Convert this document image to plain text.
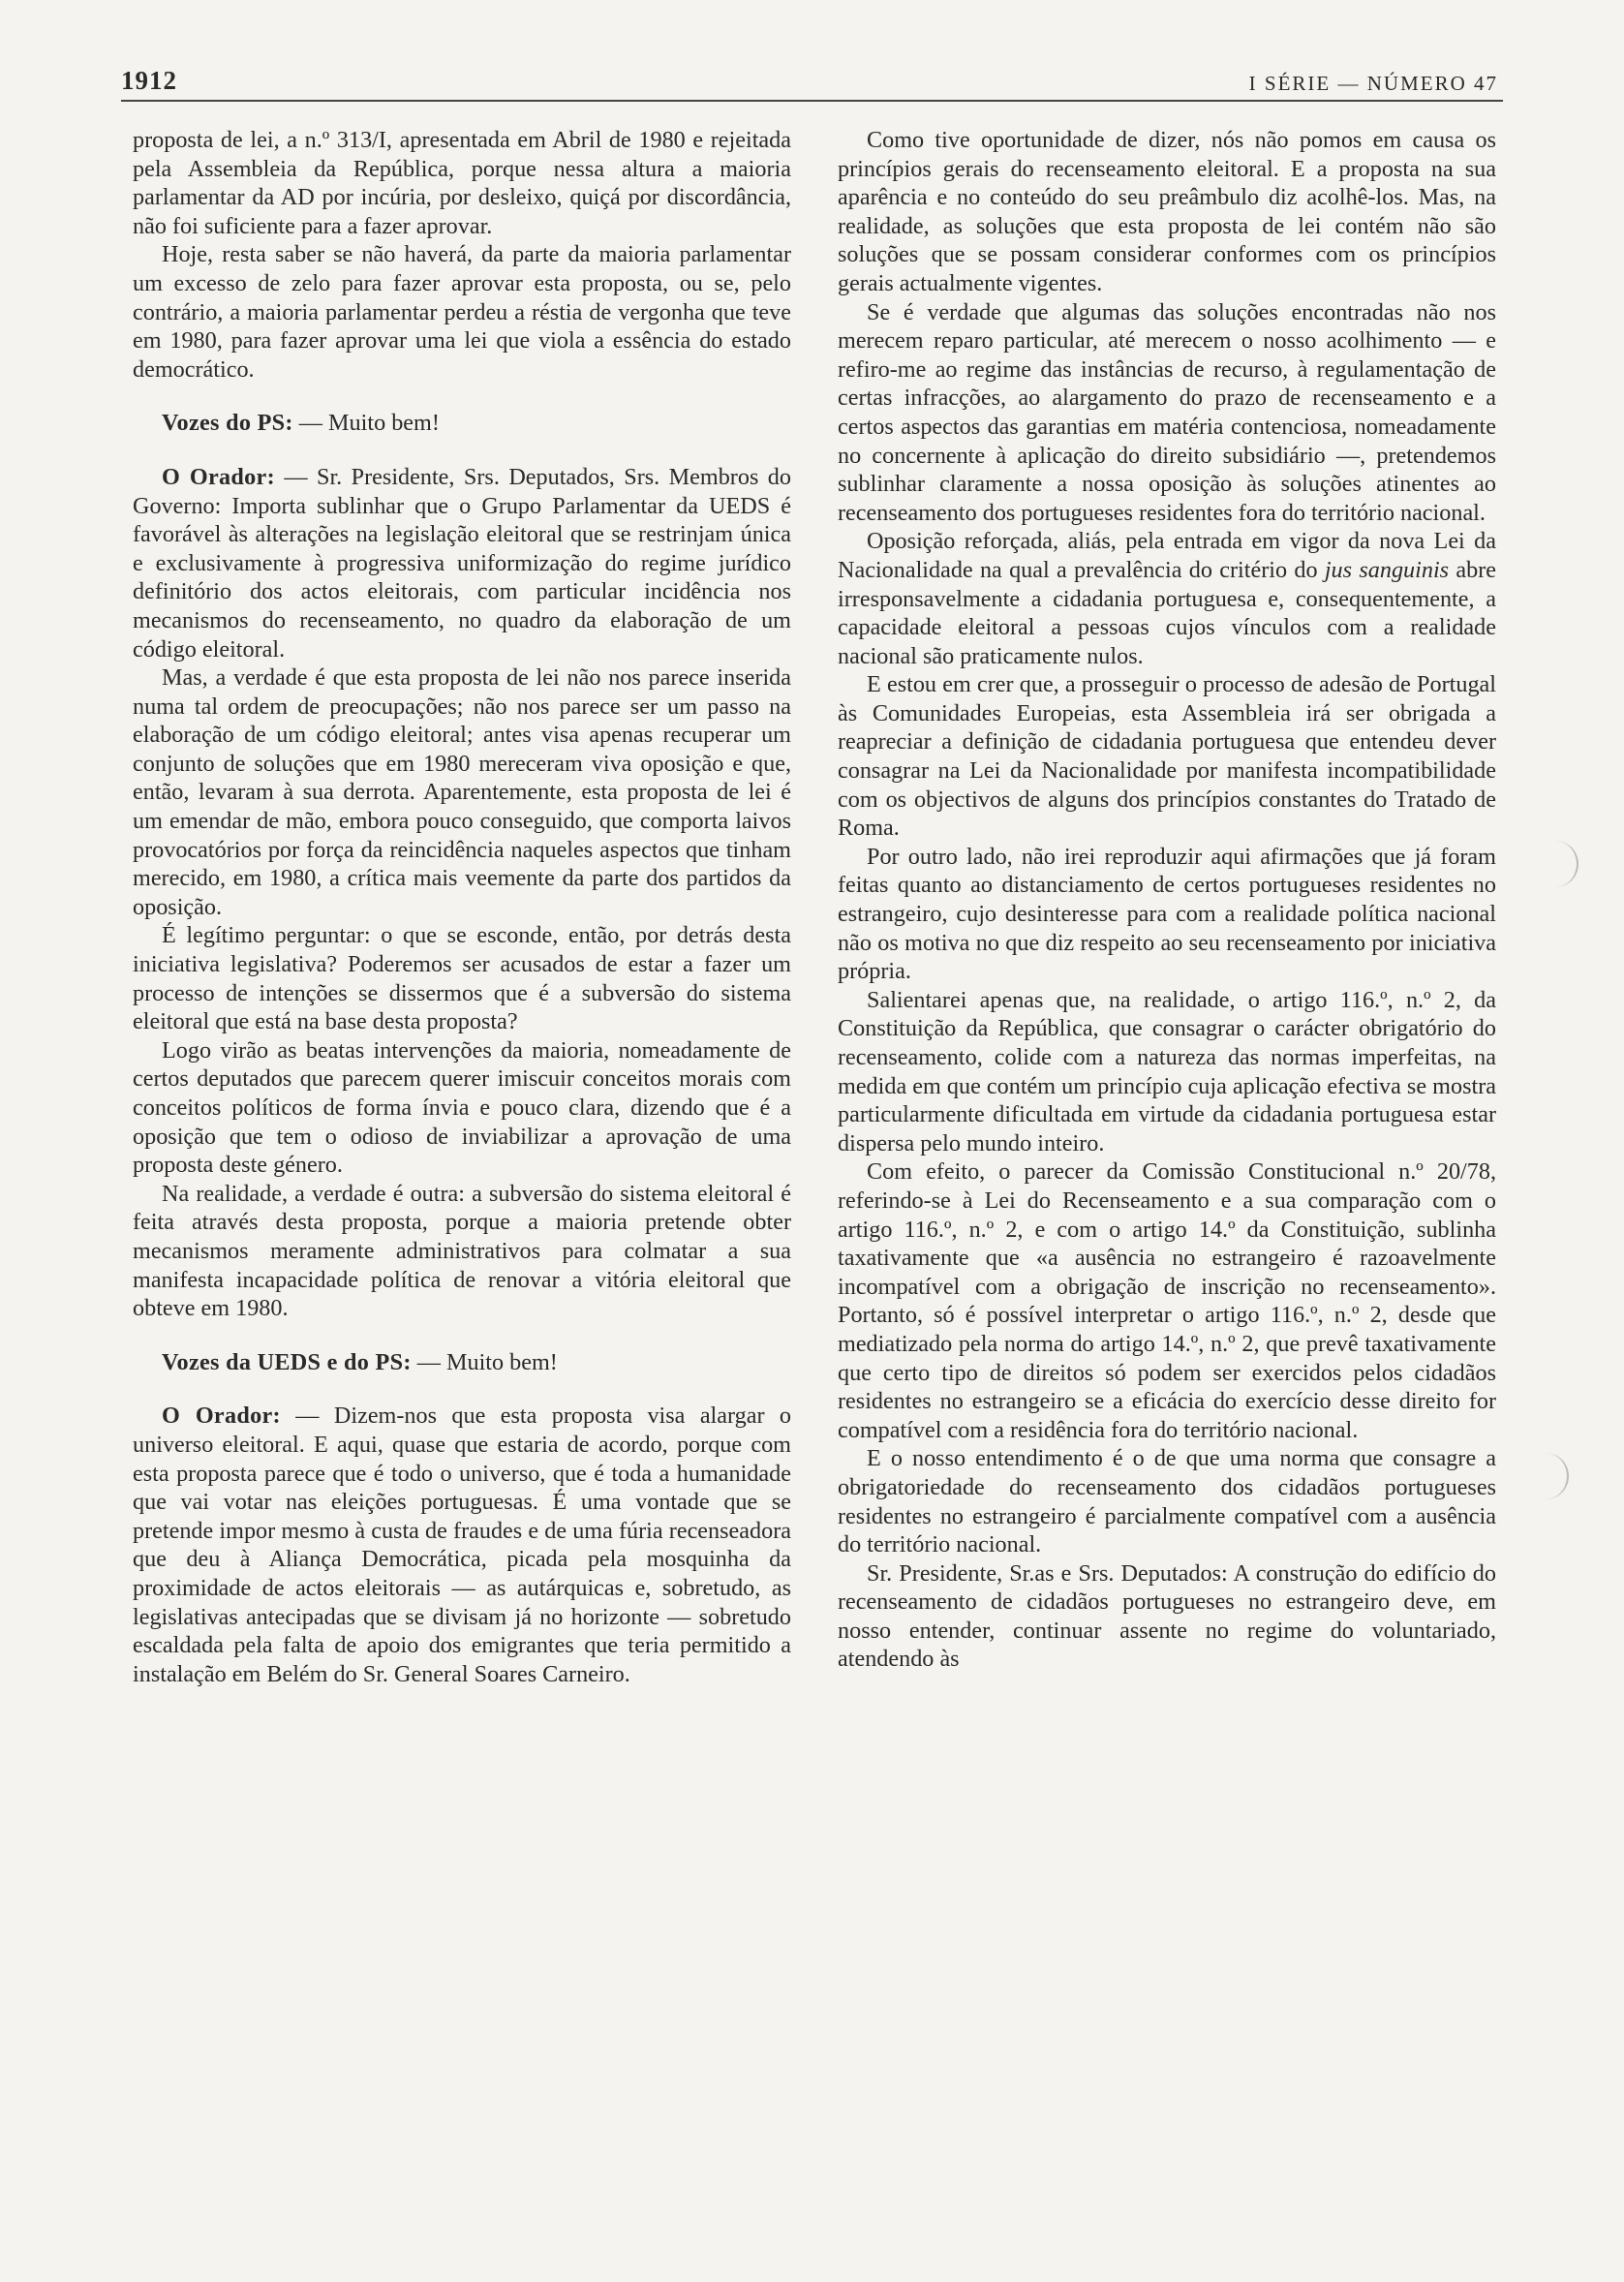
1912	I SÉRIE — NÚMERO 47

proposta de lei, a n.º 313/I, apresentada em Abril de 1980 e rejeitada pela Assembleia da República, porque nessa altura a maioria parlamentar da AD por incúria, por desleixo, quiçá por discordância, não foi suficiente para a fazer aprovar.

Hoje, resta saber se não haverá, da parte da maioria parlamentar um excesso de zelo para fazer aprovar esta proposta, ou se, pelo contrário, a maioria parlamentar perdeu a réstia de vergonha que teve em 1980, para fazer aprovar uma lei que viola a essência do estado democrático.

Vozes do PS: — Muito bem!

O Orador: — Sr. Presidente, Srs. Deputados, Srs. Membros do Governo: Importa sublinhar que o Grupo Parlamentar da UEDS é favorável às alterações na legislação eleitoral que se restrinjam única e exclusivamente à progressiva uniformização do regime jurídico definitório dos actos eleitorais, com particular incidência nos mecanismos do recenseamento, no quadro da elaboração de um código eleitoral.

Mas, a verdade é que esta proposta de lei não nos parece inserida numa tal ordem de preocupações; não nos parece ser um passo na elaboração de um código eleitoral; antes visa apenas recuperar um conjunto de soluções que em 1980 mereceram viva oposição e que, então, levaram à sua derrota. Aparentemente, esta proposta de lei é um emendar de mão, embora pouco conseguido, que comporta laivos provocatórios por força da reincidência naqueles aspectos que tinham merecido, em 1980, a crítica mais veemente da parte dos partidos da oposição.

É legítimo perguntar: o que se esconde, então, por detrás desta iniciativa legislativa? Poderemos ser acusados de estar a fazer um processo de intenções se dissermos que é a subversão do sistema eleitoral que está na base desta proposta?

Logo virão as beatas intervenções da maioria, nomeadamente de certos deputados que parecem querer imiscuir conceitos morais com conceitos políticos de forma ínvia e pouco clara, dizendo que é a oposição que tem o odioso de inviabilizar a aprovação de uma proposta deste género.

Na realidade, a verdade é outra: a subversão do sistema eleitoral é feita através desta proposta, porque a maioria pretende obter mecanismos meramente administrativos para colmatar a sua manifesta incapacidade política de renovar a vitória eleitoral que obteve em 1980.

Vozes da UEDS e do PS: — Muito bem!

O Orador: — Dizem-nos que esta proposta visa alargar o universo eleitoral. E aqui, quase que estaria de acordo, porque com esta proposta parece que é todo o universo, que é toda a humanidade que vai votar nas eleições portuguesas. É uma vontade que se pretende impor mesmo à custa de fraudes e de uma fúria recenseadora que deu à Aliança Democrática, picada pela mosquinha da proximidade de actos eleitorais — as autárquicas e, sobretudo, as legislativas antecipadas que se divisam já no horizonte — sobretudo escaldada pela falta de apoio dos emigrantes que teria permitido a instalação em Belém do Sr. General Soares Carneiro.

Como tive oportunidade de dizer, nós não pomos em causa os princípios gerais do recenseamento eleitoral. E a proposta na sua aparência e no conteúdo do seu preâmbulo diz acolhê-los. Mas, na realidade, as soluções que esta proposta de lei contém não são soluções que se possam considerar conformes com os princípios gerais actualmente vigentes.

Se é verdade que algumas das soluções encontradas não nos merecem reparo particular, até merecem o nosso acolhimento — e refiro-me ao regime das instâncias de recurso, à regulamentação de certas infracções, ao alargamento do prazo de recenseamento e a certos aspectos das garantias em matéria contenciosa, nomeadamente no concernente à aplicação do direito subsidiário —, pretendemos sublinhar claramente a nossa oposição às soluções atinentes ao recenseamento dos portugueses residentes fora do território nacional.

Oposição reforçada, aliás, pela entrada em vigor da nova Lei da Nacionalidade na qual a prevalência do critério do jus sanguinis abre irresponsavelmente a cidadania portuguesa e, consequentemente, a capacidade eleitoral a pessoas cujos vínculos com a realidade nacional são praticamente nulos.

E estou em crer que, a prosseguir o processo de adesão de Portugal às Comunidades Europeias, esta Assembleia irá ser obrigada a reapreciar a definição de cidadania portuguesa que entendeu dever consagrar na Lei da Nacionalidade por manifesta incompatibilidade com os objectivos de alguns dos princípios constantes do Tratado de Roma.

Por outro lado, não irei reproduzir aqui afirmações que já foram feitas quanto ao distanciamento de certos portugueses residentes no estrangeiro, cujo desinteresse para com a realidade política nacional não os motiva no que diz respeito ao seu recenseamento por iniciativa própria.

Salientarei apenas que, na realidade, o artigo 116.º, n.º 2, da Constituição da República, que consagrar o carácter obrigatório do recenseamento, colide com a natureza das normas imperfeitas, na medida em que contém um princípio cuja aplicação efectiva se mostra particularmente dificultada em virtude da cidadania portuguesa estar dispersa pelo mundo inteiro.

Com efeito, o parecer da Comissão Constitucional n.º 20/78, referindo-se à Lei do Recenseamento e a sua comparação com o artigo 116.º, n.º 2, e com o artigo 14.º da Constituição, sublinha taxativamente que «a ausência no estrangeiro é razoavelmente incompatível com a obrigação de inscrição no recenseamento». Portanto, só é possível interpretar o artigo 116.º, n.º 2, desde que mediatizado pela norma do artigo 14.º, n.º 2, que prevê taxativamente que certo tipo de direitos só podem ser exercidos pelos cidadãos residentes no estrangeiro se a eficácia do exercício desse direito for compatível com a residência fora do território nacional.

E o nosso entendimento é o de que uma norma que consagre a obrigatoriedade do recenseamento dos cidadãos portugueses residentes no estrangeiro é parcialmente compatível com a ausência do território nacional.

Sr. Presidente, Sr.as e Srs. Deputados: A construção do edifício do recenseamento de cidadãos portugueses no estrangeiro deve, em nosso entender, continuar assente no regime do voluntariado, atendendo às
